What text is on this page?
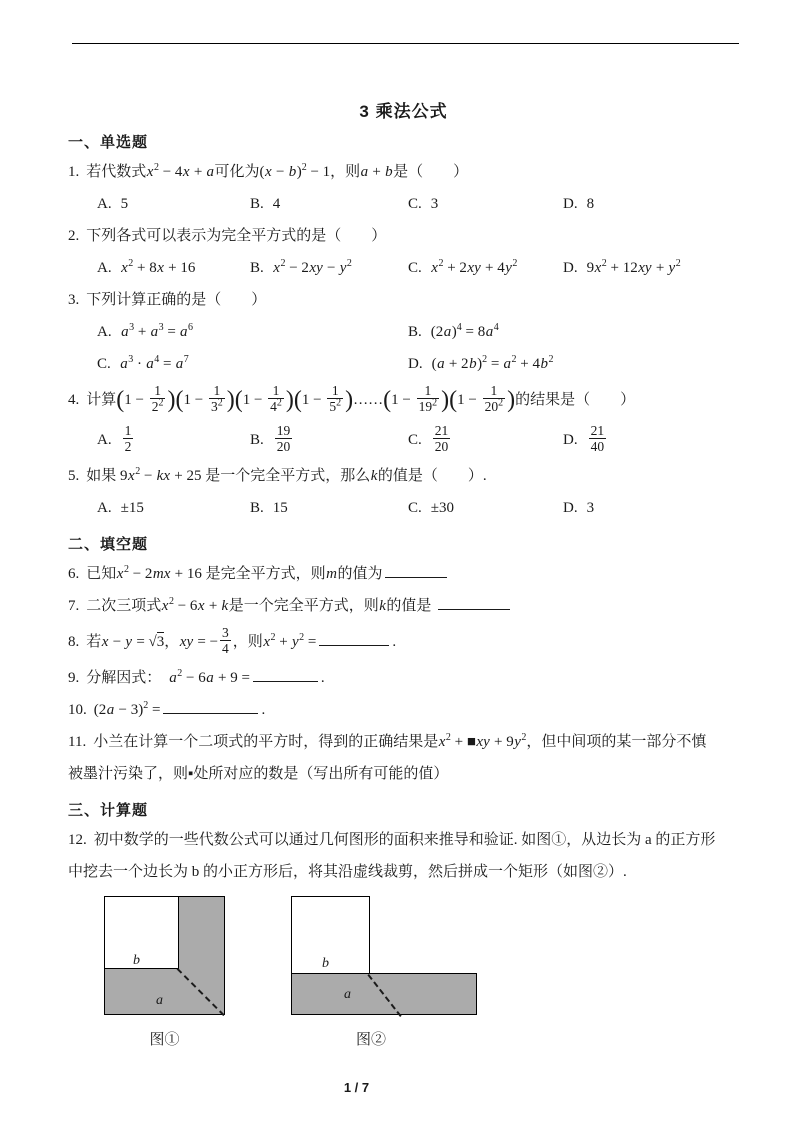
3 乘法公式
一、单选题
1. 若代数式$x^2 - 4x + a$可化为$(x - b)^2 - 1$，则a + b是（　　）
A. 5	B. 4	C. 3	D. 8
2. 下列各式可以表示为完全平方式的是（　　）
A. $x^2 + 8x + 16$	B. $x^2 - 2xy - y^2$	C. $x^2 + 2xy + 4y^2$	D. $9x^2 + 12xy + y^2$
3. 下列计算正确的是（　　）
A. $a^3 + a^3 = a^6$	B. $(2a)^4 = 8a^4$
C. $a^3 \cdot a^4 = a^7$	D. $(a + 2b)^2 = a^2 + 4b^2$
4. 计算$(1 - \frac{1}{2^2} )(1 - \frac{1}{3^2} )(1 - \frac{1}{4^2} )(1 - \frac{1}{5^2}$ )……(1 − $\frac{1}{19^2} )(1 - \frac{1}{20^2}$ )的结果是（　　）
A. $\frac{1}{2}$	B. $\frac{19}{20}$	C. $\frac{21}{20}$	D. $\frac{21}{40}$
5. 如果 $9x^2$ − kx + 25 是一个完全平方式，那么k的值是（　　）.
A. ±15	B. 15	C. ±30	D. 3
二、填空题
6. 已知$x^2 - 2mx + 16$ 是完全平方式，则m的值为
7. 二次三项式$x^2 - 6x + k$是一个完全平方式，则k的值是
8. 若x − y = √3，xy = − $\frac{3}{4}$ ，则$x^2 + y^2$ =	.
9. 分解因式：  $a^2 - 6a + 9$ =	.
10. $(2a - 3)^2$ =	.
11. 小兰在计算一个二项式的平方时，得到的正确结果是$x^2$ + ■xy + $9y^2$，但中间项的某一部分不慎
被墨汁污染了，则▪处所对应的数是（写出所有可能的值）
三、计算题
12. 初中数学的一些代数公式可以通过几何图形的面积来推导和验证. 如图①，从边长为 a 的正方形
中挖去一个边长为 b 的小正方形后，将其沿虚线裁剪，然后拼成一个矩形（如图②）.
b
a
图①
b
a
图②
1 / 7
